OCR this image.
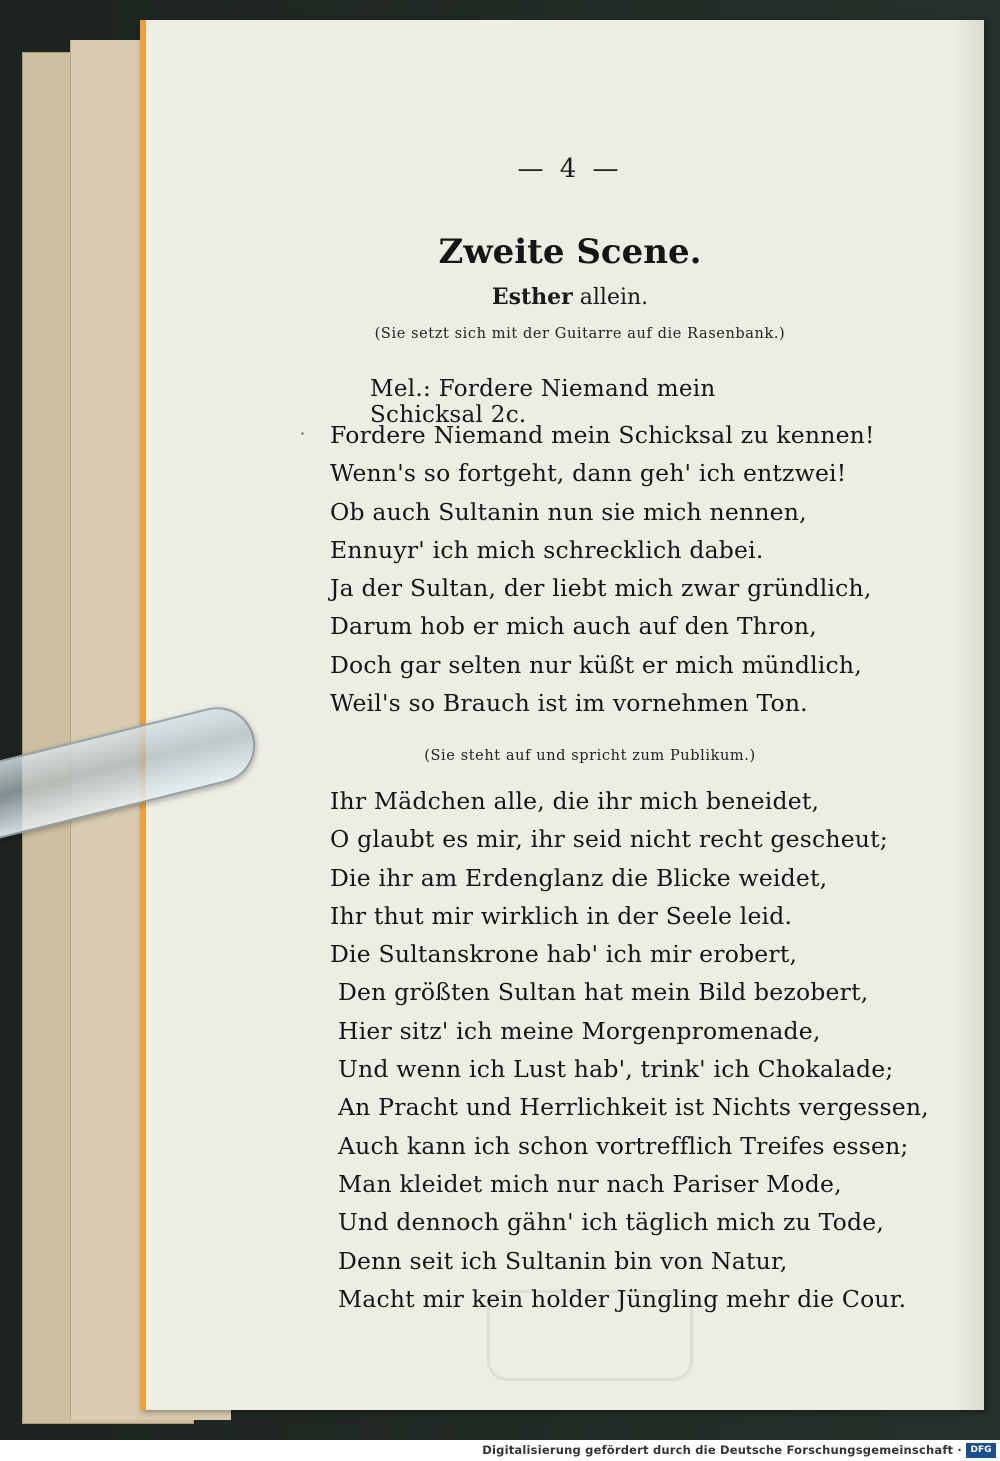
— 4 —
Zweite Scene.
Esther allein.
(Sie setzt sich mit der Guitarre auf die Rasenbank.)
Mel.: Fordere Niemand mein Schicksal 2c.
· Fordere Niemand mein Schicksal zu kennen!
Wenn's so fortgeht, dann geh' ich entzwei!
Ob auch Sultanin nun sie mich nennen,
Ennuyr' ich mich schrecklich dabei.
Ja der Sultan, der liebt mich zwar gründlich,
Darum hob er mich auch auf den Thron,
Doch gar selten nur küßt er mich mündlich,
Weil's so Brauch ist im vornehmen Ton.
(Sie steht auf und spricht zum Publikum.)
Ihr Mädchen alle, die ihr mich beneidet,
O glaubt es mir, ihr seid nicht recht gescheut;
Die ihr am Erdenglanz die Blicke weidet,
Ihr thut mir wirklich in der Seele leid.
Die Sultanskrone hab' ich mir erobert,
Den größten Sultan hat mein Bild bezobert,
Hier sitz' ich meine Morgenpromenade,
Und wenn ich Lust hab', trink' ich Chokalade;
An Pracht und Herrlichkeit ist Nichts vergessen,
Auch kann ich schon vortrefflich Treifes essen;
Man kleidet mich nur nach Pariser Mode,
Und dennoch gähn' ich täglich mich zu Tode,
Denn seit ich Sultanin bin von Natur,
Macht mir kein holder Jüngling mehr die Cour.
Digitalisierung gefördert durch die Deutsche Forschungsgemeinschaft · DFG
